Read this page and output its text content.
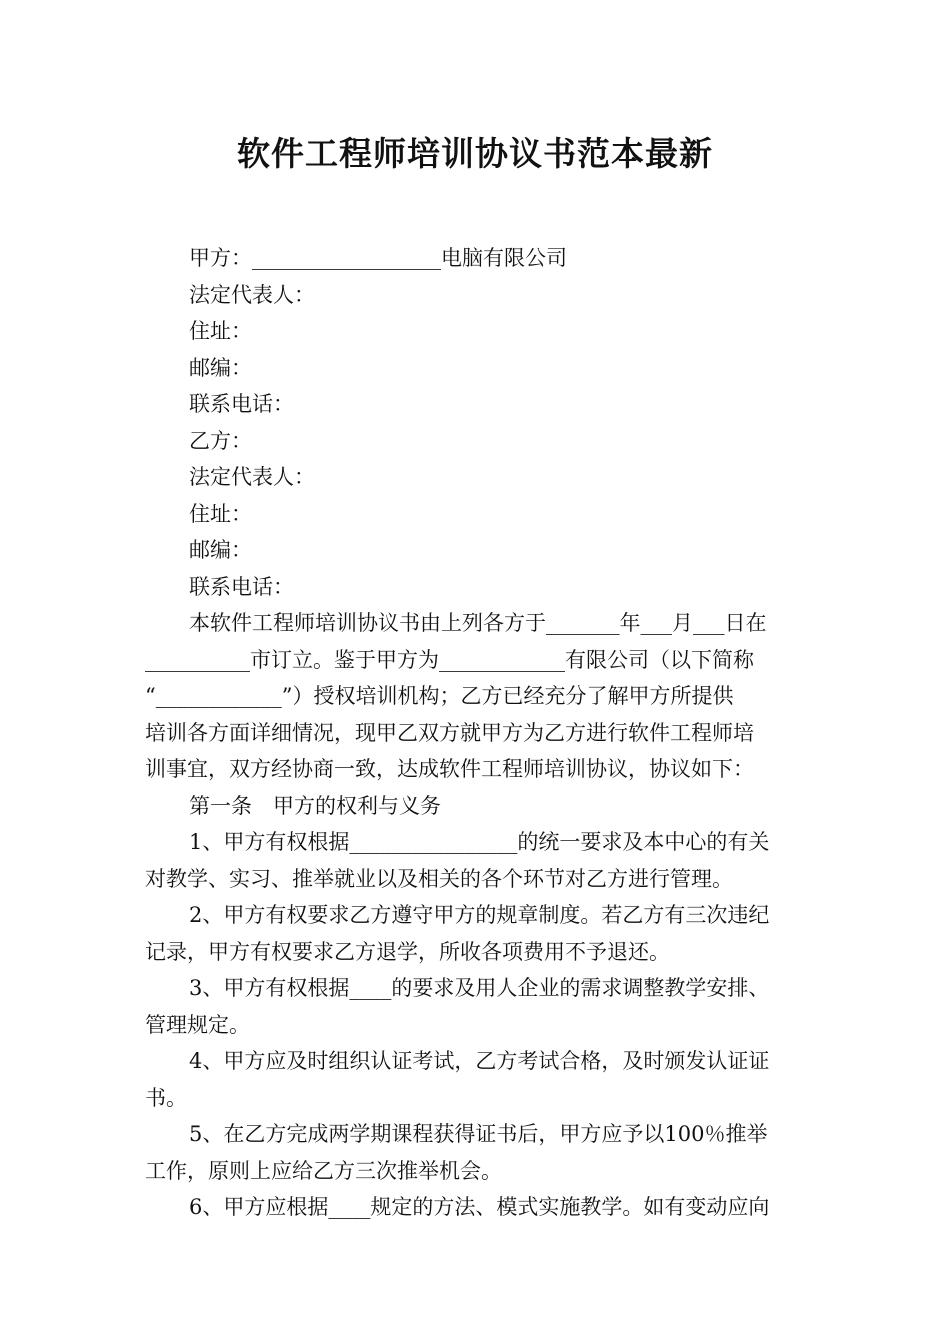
软件工程师培训协议书范本最新
甲方：__________________电脑有限公司
法定代表人：
住址：
邮编：
联系电话：
乙方：
法定代表人：
住址：
邮编：
联系电话：
本软件工程师培训协议书由上列各方于_______年___月___日在
__________市订立。鉴于甲方为____________有限公司（以下简称
“____________”）授权培训机构；乙方已经充分了解甲方所提供
培训各方面详细情况，现甲乙双方就甲方为乙方进行软件工程师培
训事宜，双方经协商一致，达成软件工程师培训协议，协议如下：
第一条　甲方的权利与义务
1、甲方有权根据________________的统一要求及本中心的有关
对教学、实习、推举就业以及相关的各个环节对乙方进行管理。
2、甲方有权要求乙方遵守甲方的规章制度。若乙方有三次违纪
记录，甲方有权要求乙方退学，所收各项费用不予退还。
3、甲方有权根据____的要求及用人企业的需求调整教学安排、
管理规定。
4、甲方应及时组织认证考试，乙方考试合格，及时颁发认证证
书。
5、在乙方完成两学期课程获得证书后，甲方应予以100％推举
工作，原则上应给乙方三次推举机会。
6、甲方应根据____规定的方法、模式实施教学。如有变动应向
